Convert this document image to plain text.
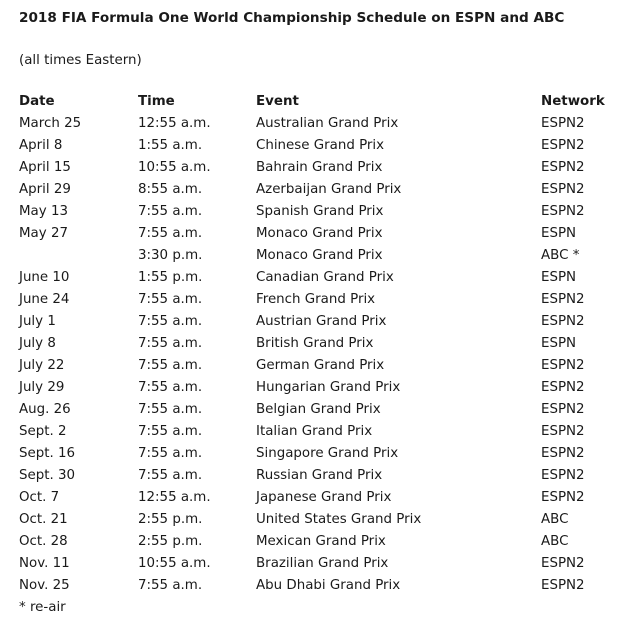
2018 FIA Formula One World Championship Schedule on ESPN and ABC
(all times Eastern)
Date	Time	Event	Network
March 25	12:55 a.m.	Australian Grand Prix	ESPN2
April 8	1:55 a.m.	Chinese Grand Prix	ESPN2
April 15	10:55 a.m.	Bahrain Grand Prix	ESPN2
April 29	8:55 a.m.	Azerbaijan Grand Prix	ESPN2
May 13	7:55 a.m.	Spanish Grand Prix	ESPN2
May 27	7:55 a.m.	Monaco Grand Prix	ESPN
	3:30 p.m.	Monaco Grand Prix	ABC *
June 10	1:55 p.m.	Canadian Grand Prix	ESPN
June 24	7:55 a.m.	French Grand Prix	ESPN2
July 1	7:55 a.m.	Austrian Grand Prix	ESPN2
July 8	7:55 a.m.	British Grand Prix	ESPN
July 22	7:55 a.m.	German Grand Prix	ESPN2
July 29	7:55 a.m.	Hungarian Grand Prix	ESPN2
Aug. 26	7:55 a.m.	Belgian Grand Prix	ESPN2
Sept. 2	7:55 a.m.	Italian Grand Prix	ESPN2
Sept. 16	7:55 a.m.	Singapore Grand Prix	ESPN2
Sept. 30	7:55 a.m.	Russian Grand Prix	ESPN2
Oct. 7	12:55 a.m.	Japanese Grand Prix	ESPN2
Oct. 21	2:55 p.m.	United States Grand Prix	ABC
Oct. 28	2:55 p.m.	Mexican Grand Prix	ABC
Nov. 11	10:55 a.m.	Brazilian Grand Prix	ESPN2
Nov. 25	7:55 a.m.	Abu Dhabi Grand Prix	ESPN2
* re-air
